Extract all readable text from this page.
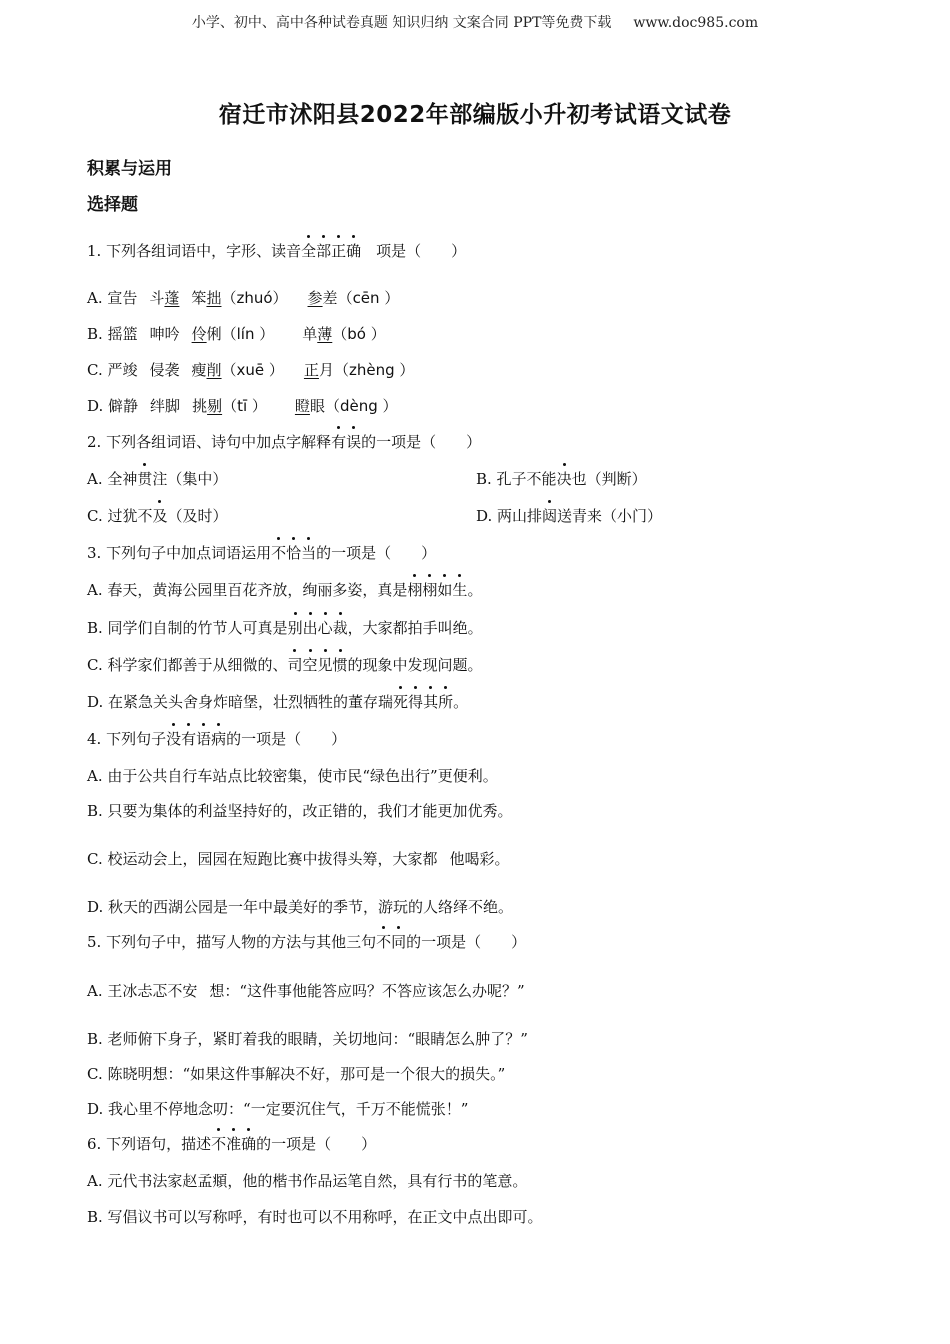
小学、初中、高中各种试卷真题 知识归纳 文案合同 PPT等免费下载 www.doc985.com
宿迁市沭阳县2022年部编版小升初考试语文试卷
积累与运用
选择题
1. 下列各组词语中，字形、读音全部正确　项是（　　）
A. 宣告 斗蓬 笨拙（zhuó） 参差（cēn ）
B. 摇篮 呻吟 伶俐（lín ） 单薄（bó ）
C. 严竣 侵袭 瘦削（xuē ） 正月（zhèng ）
D. 僻静 绊脚 挑剔（tī ） 瞪眼（dèng ）
2. 下列各组词语、诗句中加点字解释有误的一项是（　　）
A. 全神贯注（集中）	B. 孔子不能决也（判断）
C. 过犹不及（及时）	D. 两山排闼送青来（小门）
3. 下列句子中加点词语运用不恰当的一项是（　　）
A. 春天，黄海公园里百花齐放，绚丽多姿，真是栩栩如生。
B. 同学们自制的竹节人可真是别出心裁，大家都拍手叫绝。
C. 科学家们都善于从细微的、司空见惯的现象中发现问题。
D. 在紧急关头舍身炸暗堡，壮烈牺牲的董存瑞死得其所。
4. 下列句子没有语病的一项是（　　）
A. 由于公共自行车站点比较密集，使市民“绿色出行”更便利。
B. 只要为集体的利益坚持好的，改正错的，我们才能更加优秀。
C. 校运动会上，园园在短跑比赛中拔得头筹，大家都 他喝彩。
D. 秋天的西湖公园是一年中最美好的季节，游玩的人络绎不绝。
5. 下列句子中，描写人物的方法与其他三句不同的一项是（　　）
A. 王冰忐忑不安 想：“这件事他能答应吗？不答应该怎么办呢？”
B. 老师俯下身子，紧盯着我的眼睛，关切地问：“眼睛怎么肿了？”
C. 陈晓明想：“如果这件事解决不好，那可是一个很大的损失。”
D. 我心里不停地念叨：“一定要沉住气，千万不能慌张！”
6. 下列语句，描述不准确的一项是（　　）
A. 元代书法家赵孟頫，他的楷书作品运笔自然，具有行书的笔意。
B. 写倡议书可以写称呼，有时也可以不用称呼，在正文中点出即可。
